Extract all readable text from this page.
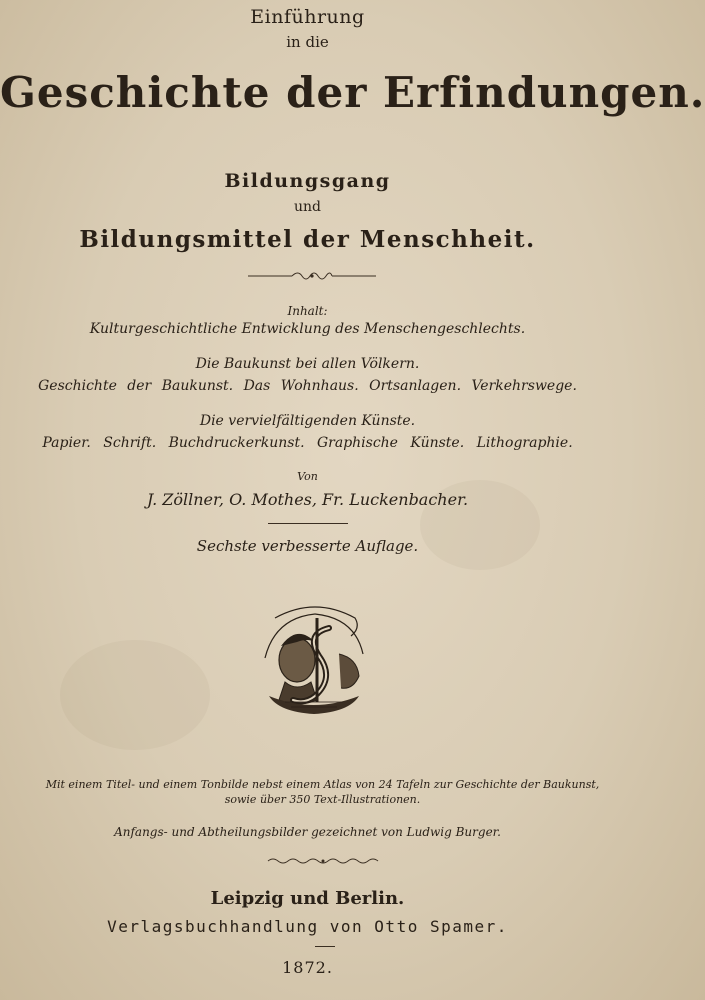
Einführung
in die
Geschichte der Erfindungen.
Bildungsgang
und
Bildungsmittel der Menschheit.
Inhalt:
Kulturgeschichtliche Entwicklung des Menschengeschlechts.
Die Baukunst bei allen Völkern.
Geschichte der Baukunst. Das Wohnhaus. Ortsanlagen. Verkehrswege.
Die vervielfältigenden Künste.
Papier. Schrift. Buchdruckerkunst. Graphische Künste. Lithographie.
Von
J. Zöllner, O. Mothes, Fr. Luckenbacher.
Sechste verbesserte Auflage.
Mit einem Titel- und einem Tonbilde nebst einem Atlas von 24 Tafeln zur Geschichte der Baukunst, sowie über 350 Text-Illustrationen.
Anfangs- und Abtheilungsbilder gezeichnet von Ludwig Burger.
Leipzig und Berlin.
Verlagsbuchhandlung von Otto Spamer.
1872.
